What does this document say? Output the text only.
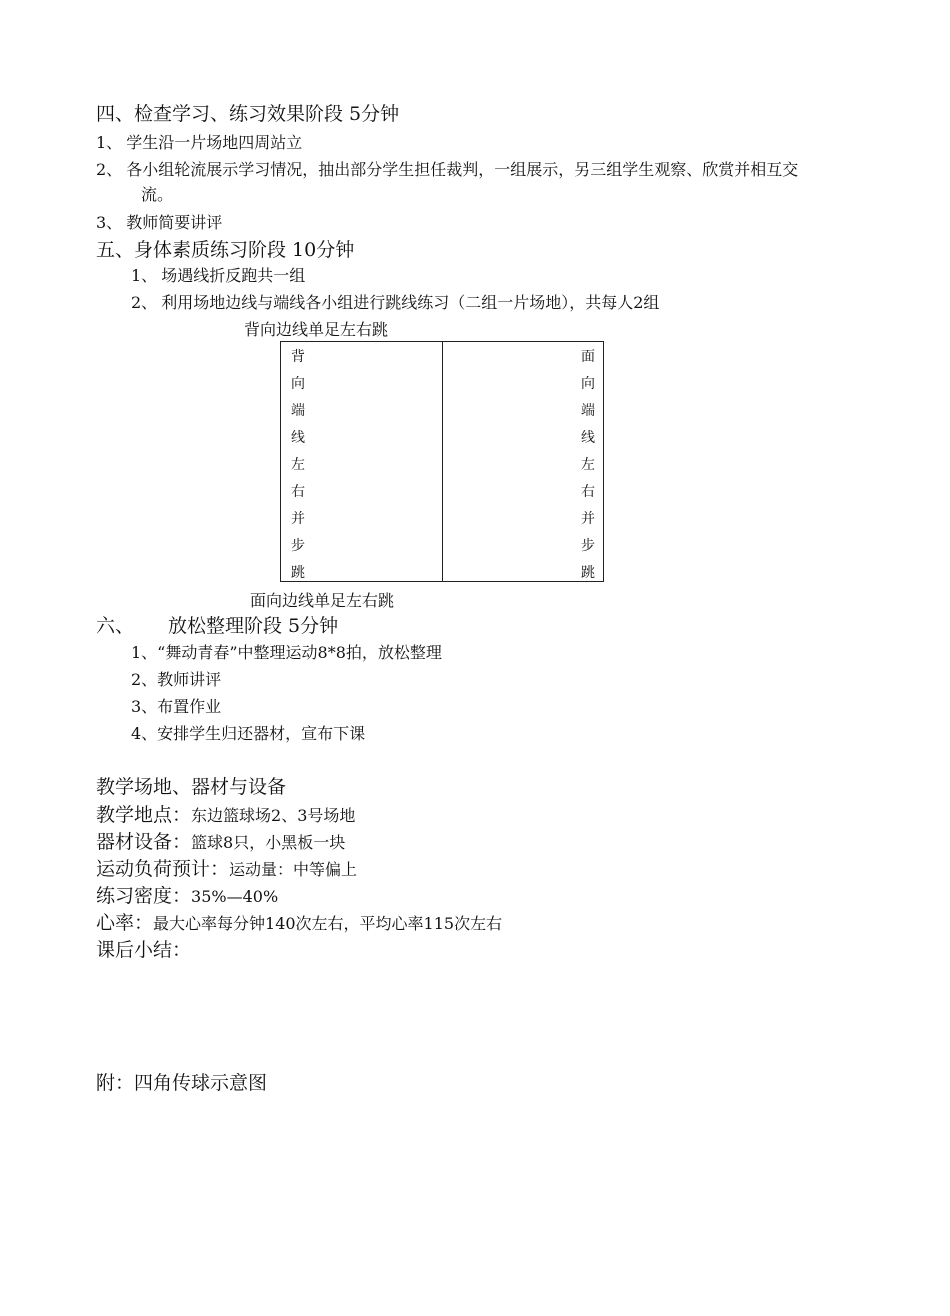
四、检查学习、练习效果阶段 5分钟
1、 学生沿一片场地四周站立
2、 各小组轮流展示学习情况，抽出部分学生担任裁判，一组展示，另三组学生观察、欣赏并相互交
流。
3、 教师简要讲评
五、身体素质练习阶段 10分钟
1、 场遇线折反跑共一组
2、 利用场地边线与端线各小组进行跳线练习（二组一片场地），共每人2组
背向边线单足左右跳
背
向
端
线
左
右
并
步
跳
面
向
端
线
左
右
并
步
跳
面向边线单足左右跳
六、 放松整理阶段 5分钟
1、“舞动青春”中整理运动8*8拍，放松整理
2、教师讲评
3、布置作业
4、安排学生归还器材，宣布下课
教学场地、器材与设备
教学地点：东边篮球场2、3号场地
器材设备：篮球8只，小黑板一块
运动负荷预计：运动量：中等偏上
练习密度：35%—40%
心率：最大心率每分钟140次左右，平均心率115次左右
课后小结：
附：四角传球示意图
